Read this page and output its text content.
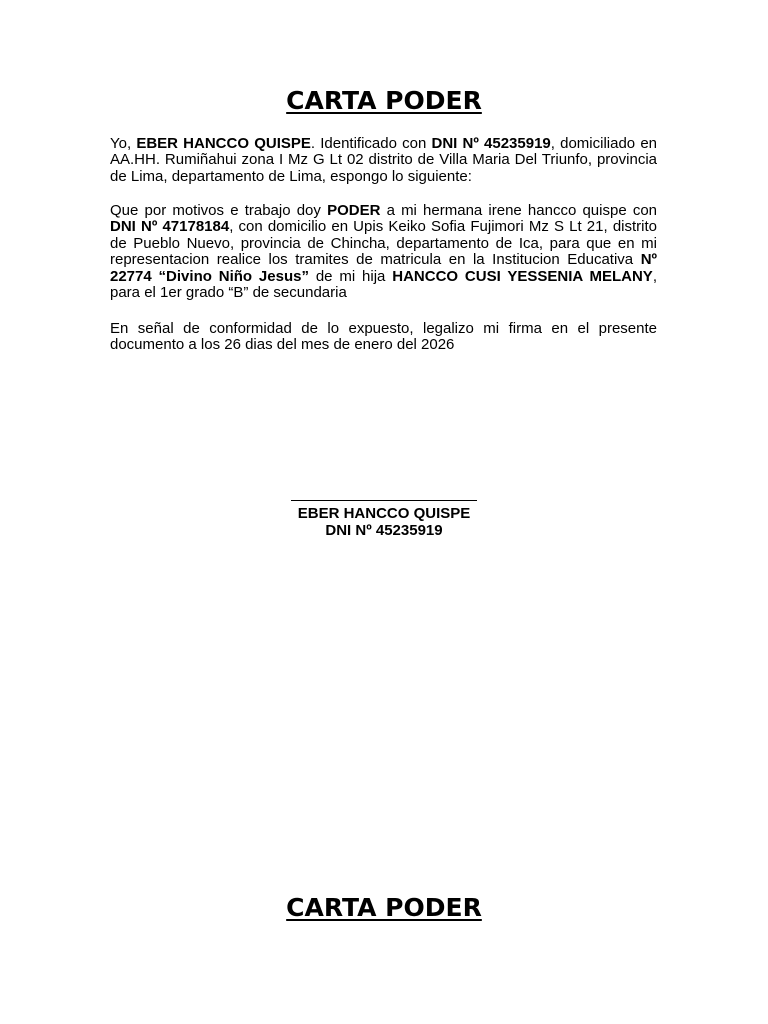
CARTA PODER

Yo, EBER HANCCO QUISPE. Identificado con DNI Nº 45235919, domiciliado en AA.HH. Rumiñahui zona I Mz G Lt 02 distrito de Villa Maria Del Triunfo, provincia de Lima, departamento de Lima, espongo lo siguiente:

Que por motivos e trabajo doy PODER a mi hermana irene hancco quispe con DNI Nº 47178184, con domicilio en Upis Keiko Sofia Fujimori Mz S Lt 21, distrito de Pueblo Nuevo, provincia de Chincha, departamento de Ica, para que en mi representacion realice los tramites de matricula en la Institucion Educativa Nº 22774 “Divino Niño Jesus” de mi hija HANCCO CUSI YESSENIA MELANY, para el 1er grado “B” de secundaria

En señal de conformidad de lo expuesto, legalizo mi firma en el presente documento a los 26 dias del mes de enero del 2026

EBER HANCCO QUISPE
DNI Nº 45235919
CARTA PODER
